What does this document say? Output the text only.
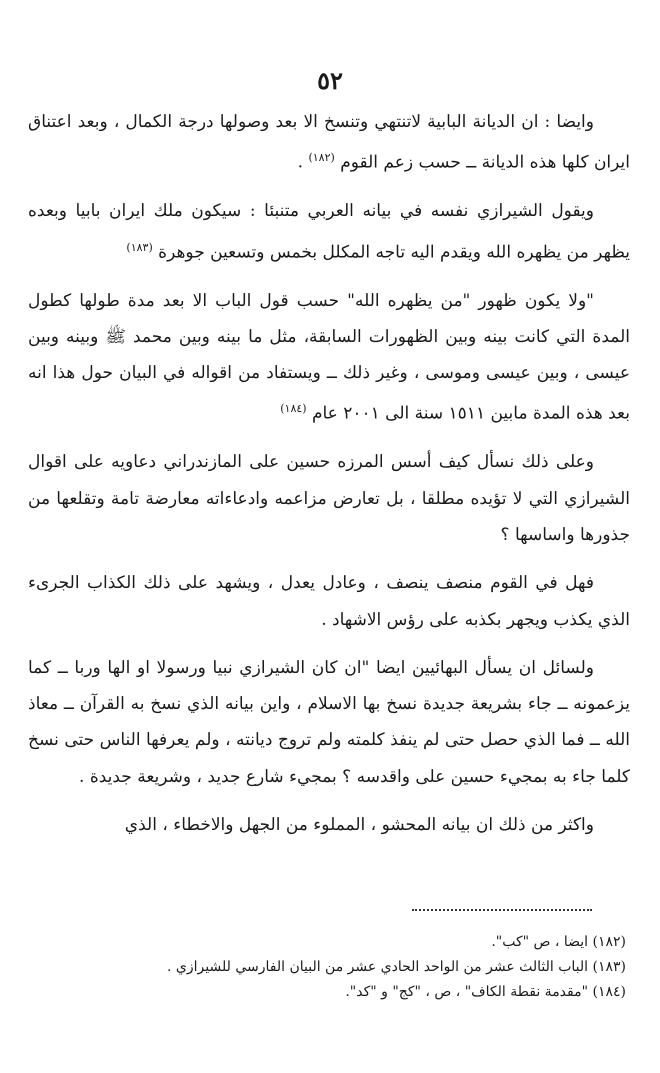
٥٢

وايضا : ان الديانة البابية لاتنتهي وتنسخ الا بعد وصولها درجة الكمال ، وبعد اعتناق ايران كلها هذه الديانة ــ حسب زعم القوم $^{(١٨٢)}$ .

ويقول الشيرازي نفسه في بيانه العربي متنبئا : سيكون ملك ايران بابيا وبعده يظهر من يظهره الله ويقدم اليه تاجه المكلل بخمس وتسعين جوهرة $^{(١٨٣)}$

"ولا يكون ظهور "من يظهره الله" حسب قول الباب الا بعد مدة طولها كطول المدة التي كانت بينه وبين الظهورات السابقة، مثل ما بينه وبين محمد ﷺ وبينه وبين عيسى ، وبين عيسى وموسى ، وغير ذلك ــ ويستفاد من اقواله في البيان حول هذا انه بعد هذه المدة مابين ١٥١١ سنة الى ٢٠٠١ عام $^{(١٨٤)}$

وعلى ذلك نسأل كيف أسس المرزه حسين على المازندراني دعاويه على اقوال الشيرازي التي لا تؤيده مطلقا ، بل تعارض مزاعمه وادعاءاته معارضة تامة وتقلعها من جذورها واساسها ؟

فهل في القوم منصف ينصف ، وعادل يعدل ، ويشهد على ذلك الكذاب الجرىء الذي يكذب ويجهر بكذبه على رؤس الاشهاد .

ولسائل ان يسأل البهائيين ايضا "ان كان الشيرازي نبيا ورسولا او الها وربا ــ كما يزعمونه ــ جاء بشريعة جديدة نسخ بها الاسلام ، واين بيانه الذي نسخ به القرآن ــ معاذ الله ــ فما الذي حصل حتى لم ينفذ كلمته ولم تروج ديانته ، ولم يعرفها الناس حتى نسخ كلما جاء به بمجيء حسين على واقدسه ؟ بمجيء شارع جديد ، وشريعة جديدة .

واكثر من ذلك ان بيانه المحشو ، المملوء من الجهل والاخطاء ، الذي

(١٨٢) ايضا ، ص "كب".

(١٨٣) الباب الثالث عشر من الواحد الحادي عشر من البيان الفارسي للشيرازي .

(١٨٤) "مقدمة نقطة الكاف" ، ص ، "كج" و "كد".
